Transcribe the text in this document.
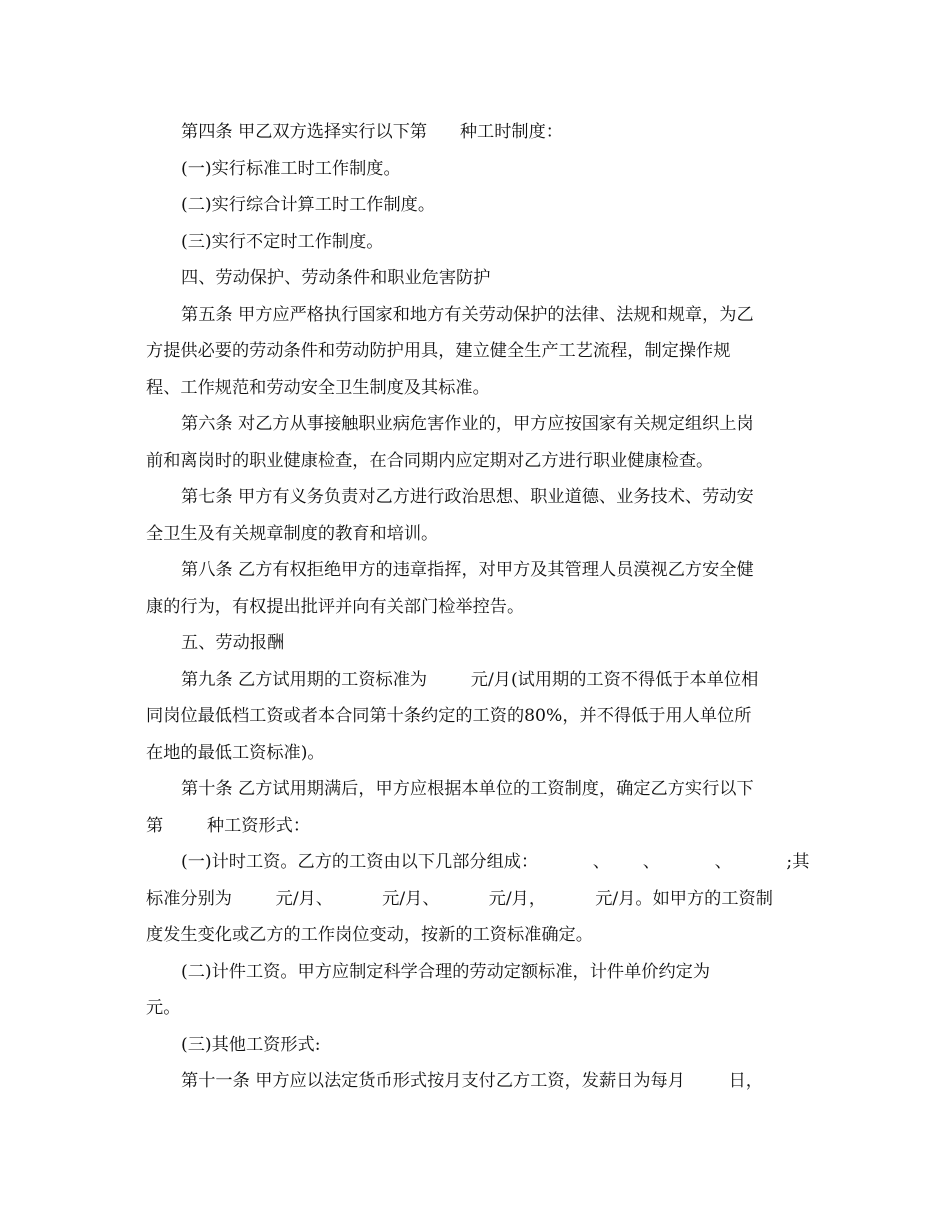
第四条 甲乙双方选择实行以下第      种工时制度：

(一)实行标准工时工作制度。

(二)实行综合计算工时工作制度。

(三)实行不定时工作制度。

四、劳动保护、劳动条件和职业危害防护

第五条 甲方应严格执行国家和地方有关劳动保护的法律、法规和规章，为乙

方提供必要的劳动条件和劳动防护用具，建立健全生产工艺流程，制定操作规

程、工作规范和劳动安全卫生制度及其标准。

第六条 对乙方从事接触职业病危害作业的，甲方应按国家有关规定组织上岗

前和离岗时的职业健康检查，在合同期内应定期对乙方进行职业健康检查。

第七条 甲方有义务负责对乙方进行政治思想、职业道德、业务技术、劳动安

全卫生及有关规章制度的教育和培训。

第八条 乙方有权拒绝甲方的违章指挥，对甲方及其管理人员漠视乙方安全健

康的行为，有权提出批评并向有关部门检举控告。

五、劳动报酬

第九条 乙方试用期的工资标准为        元/月(试用期的工资不得低于本单位相

同岗位最低档工资或者本合同第十条约定的工资的80%，并不得低于用人单位所

在地的最低工资标准)。

第十条 乙方试用期满后，甲方应根据本单位的工资制度，确定乙方实行以下

第        种工资形式：

(一)计时工资。乙方的工资由以下几部分组成：          、      、          、          ;其

标准分别为        元/月、         元/月、         元/月，         元/月。如甲方的工资制

度发生变化或乙方的工作岗位变动，按新的工资标准确定。

(二)计件工资。甲方应制定科学合理的劳动定额标准，计件单价约定为

元。

(三)其他工资形式:

第十一条 甲方应以法定货币形式按月支付乙方工资，发薪日为每月        日，
